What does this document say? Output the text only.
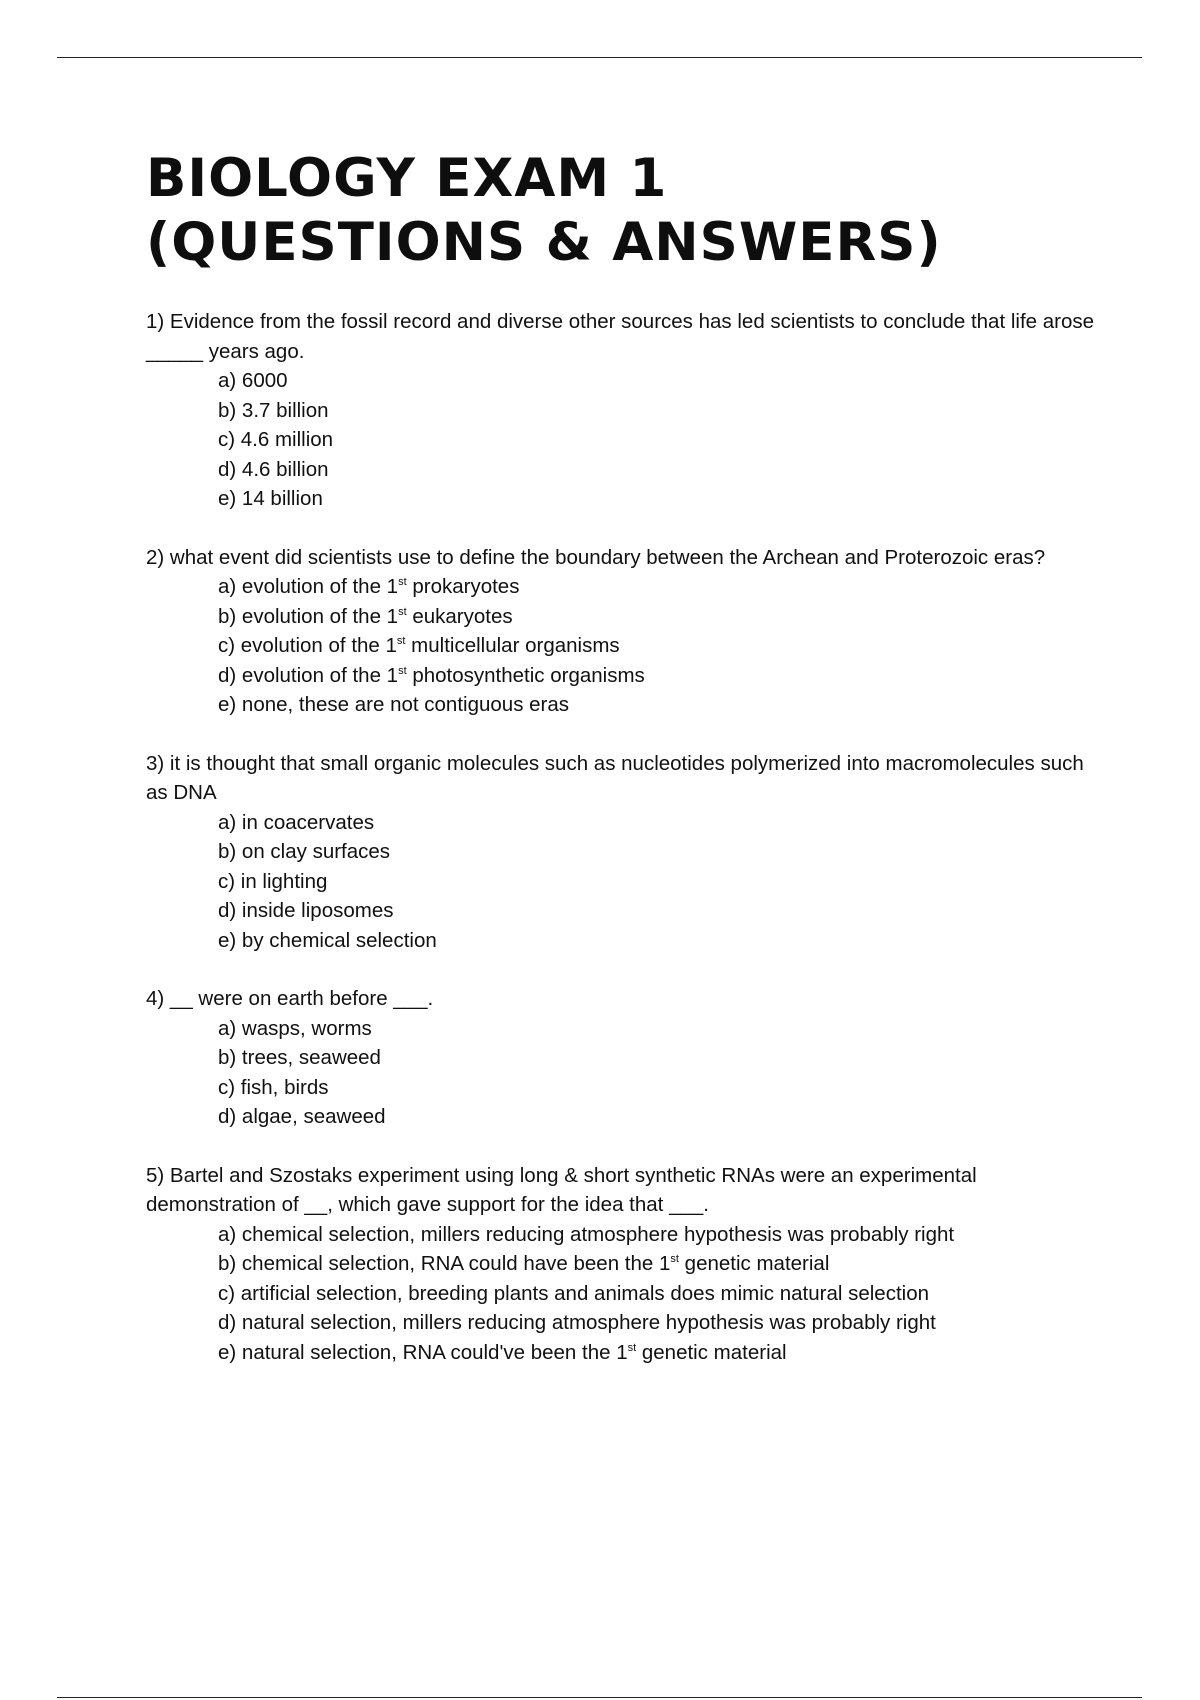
BIOLOGY EXAM 1
(QUESTIONS & ANSWERS)

1) Evidence from the fossil record and diverse other sources has led scientists to conclude that life arose _____ years ago.

a) 6000
b) 3.7 billion
c) 4.6 million
d) 4.6 billion
e) 14 billion

2) what event did scientists use to define the boundary between the Archean and Proterozoic eras?

a) evolution of the 1st prokaryotes
b) evolution of the 1st eukaryotes
c) evolution of the 1st multicellular organisms
d) evolution of the 1st photosynthetic organisms
e) none, these are not contiguous eras

3) it is thought that small organic molecules such as nucleotides polymerized into macromolecules such as DNA

a) in coacervates
b) on clay surfaces
c) in lighting
d) inside liposomes
e) by chemical selection

4) __ were on earth before ___.

a) wasps, worms
b) trees, seaweed
c) fish, birds
d) algae, seaweed

5) Bartel and Szostaks experiment using long & short synthetic RNAs were an experimental demonstration of __, which gave support for the idea that ___.

a) chemical selection, millers reducing atmosphere hypothesis was probably right
b) chemical selection, RNA could have been the 1st genetic material
c) artificial selection, breeding plants and animals does mimic natural selection
d) natural selection, millers reducing atmosphere hypothesis was probably right
e) natural selection, RNA could've been the 1st genetic material
